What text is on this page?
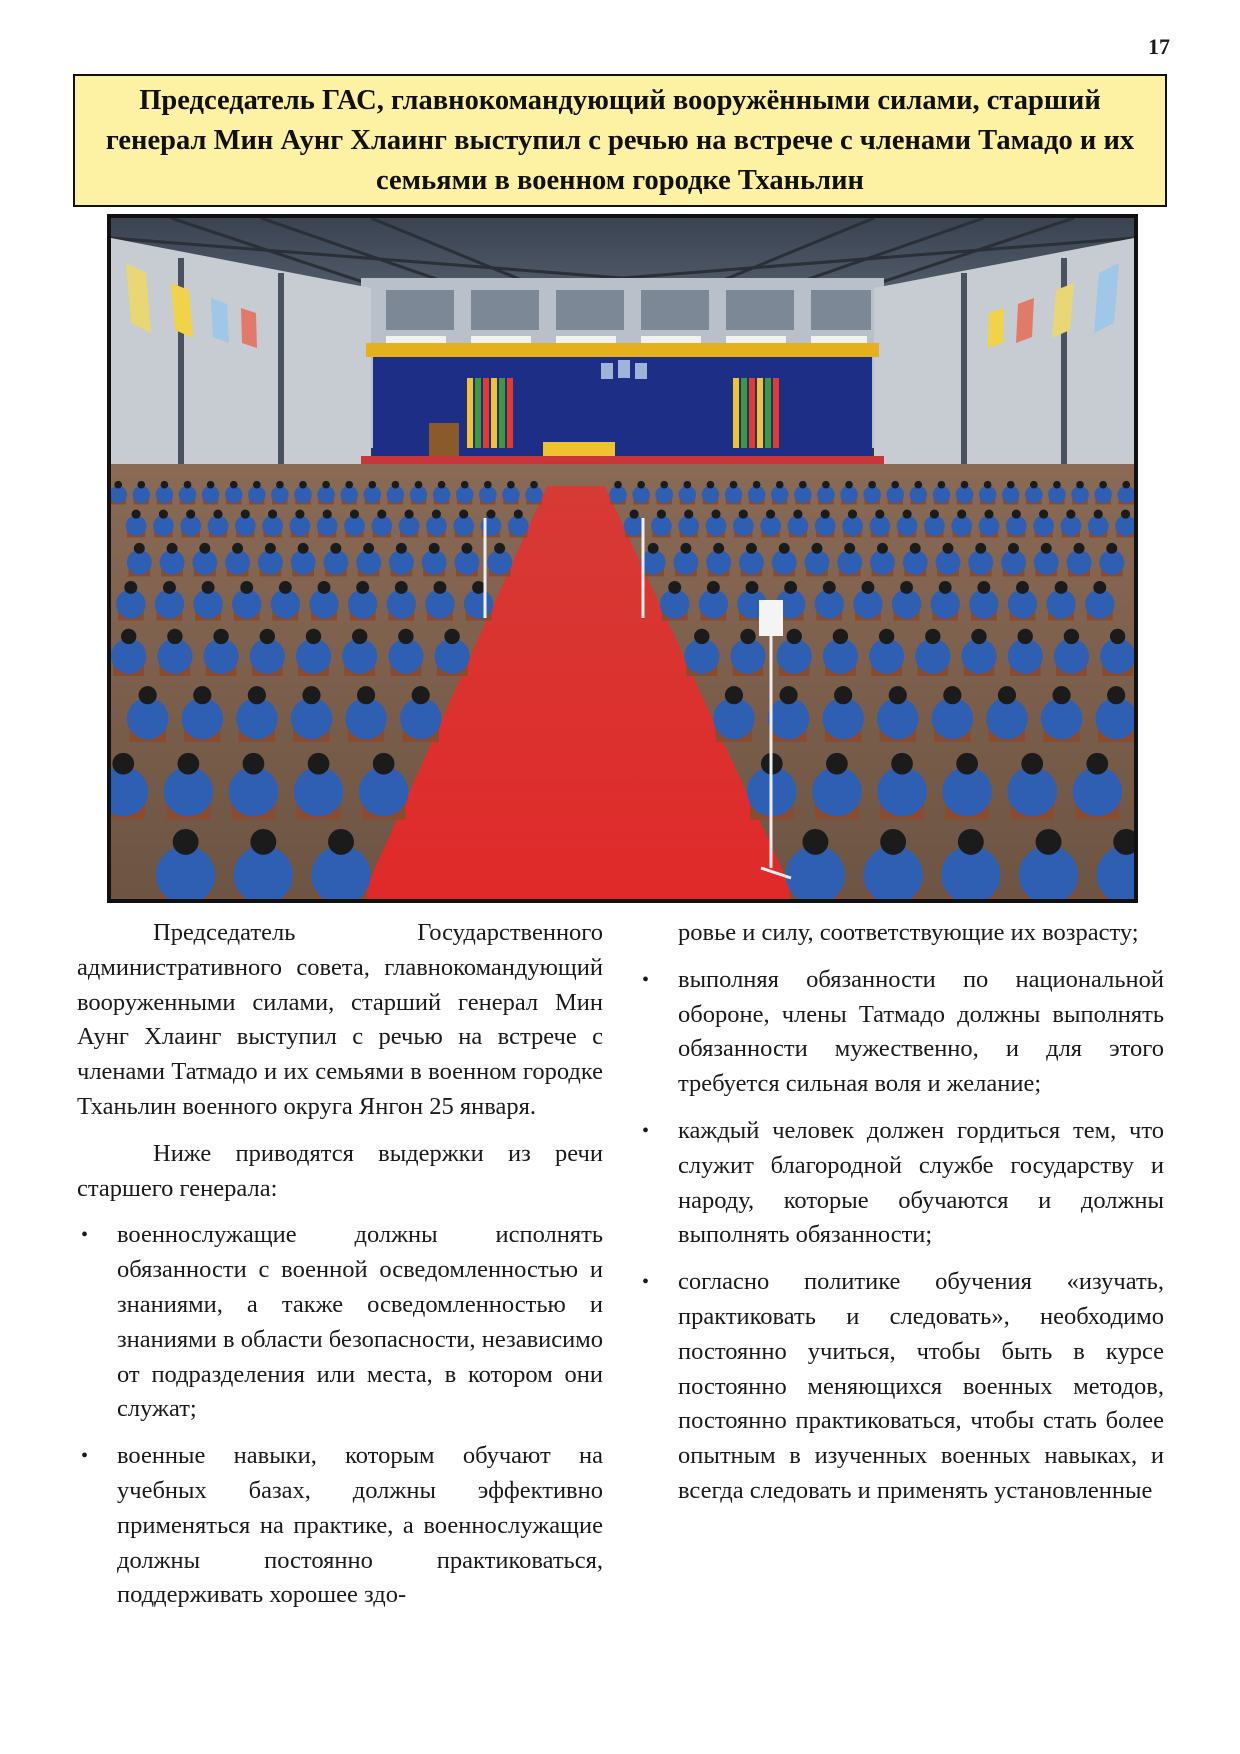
17
Председатель ГАС, главнокомандующий вооружёнными силами, старший генерал Мин Аунг Хлаинг выступил с речью на встрече с членами Тамадо и их семьями в военном городке Тханьлин

Председатель Государственного административного совета, главнокомандующий вооруженными силами, старший генерал Мин Аунг Хлаинг выступил с речью на встрече с членами Татмадо и их семьями в военном городке Тханьлин военного округа Янгон 25 января.

Ниже приводятся выдержки из речи старшего генерала:

• военнослужащие должны исполнять обязанности с военной осведомленностью и знаниями, а также осведомленностью и знаниями в области безопасности, независимо от подразделения или места, в котором они служат;
• военные навыки, которым обучают на учебных базах, должны эффективно применяться на практике, а военнослужащие должны постоянно практиковаться, поддерживать хорошее здо-

ровье и силу, соответствующие их возрасту;

• выполняя обязанности по национальной обороне, члены Татмадо должны выполнять обязанности мужественно, и для этого требуется сильная воля и желание;
• каждый человек должен гордиться тем, что служит благородной службе государству и народу, которые обучаются и должны выполнять обязанности;
• согласно политике обучения «изучать, практиковать и следовать», необходимо постоянно учиться, чтобы быть в курсе постоянно меняющихся военных методов, постоянно практиковаться, чтобы стать более опытным в изученных военных навыках, и всегда следовать и применять установленные
